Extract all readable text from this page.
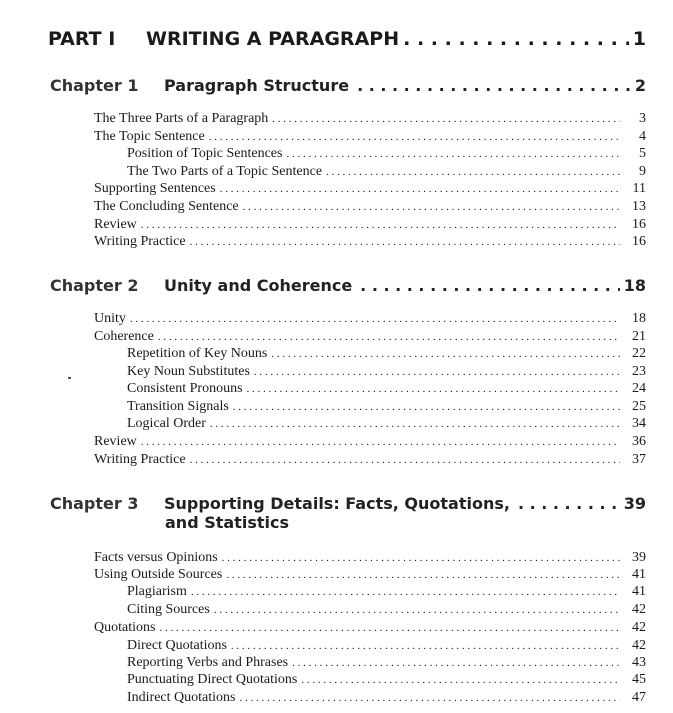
PART I WRITING A PARAGRAPH . . .	1
Chapter 1 Paragraph Structure . . .	2
The Three Parts of a Paragraph . . .	3
The Topic Sentence . . .	4
Position of Topic Sentences . . .	5
The Two Parts of a Topic Sentence . . .	9
Supporting Sentences . . .	11
The Concluding Sentence . . .	13
Review . . .	16
Writing Practice . . .	16
Chapter 2 Unity and Coherence . . .	18
Unity . . .	18
Coherence . . .	21
Repetition of Key Nouns . . .	22
Key Noun Substitutes . . .	23
Consistent Pronouns . . .	24
Transition Signals . . .	25
Logical Order . . .	34
Review . . .	36
Writing Practice . . .	37
Chapter 3 Supporting Details: Facts, Quotations, . . .	39
and Statistics
Facts versus Opinions . . .	39
Using Outside Sources . . .	41
Plagiarism . . .	41
Citing Sources . . .	42
Quotations . . .	42
Direct Quotations . . .	42
Reporting Verbs and Phrases . . .	43
Punctuating Direct Quotations . . .	45
Indirect Quotations . . .	47
